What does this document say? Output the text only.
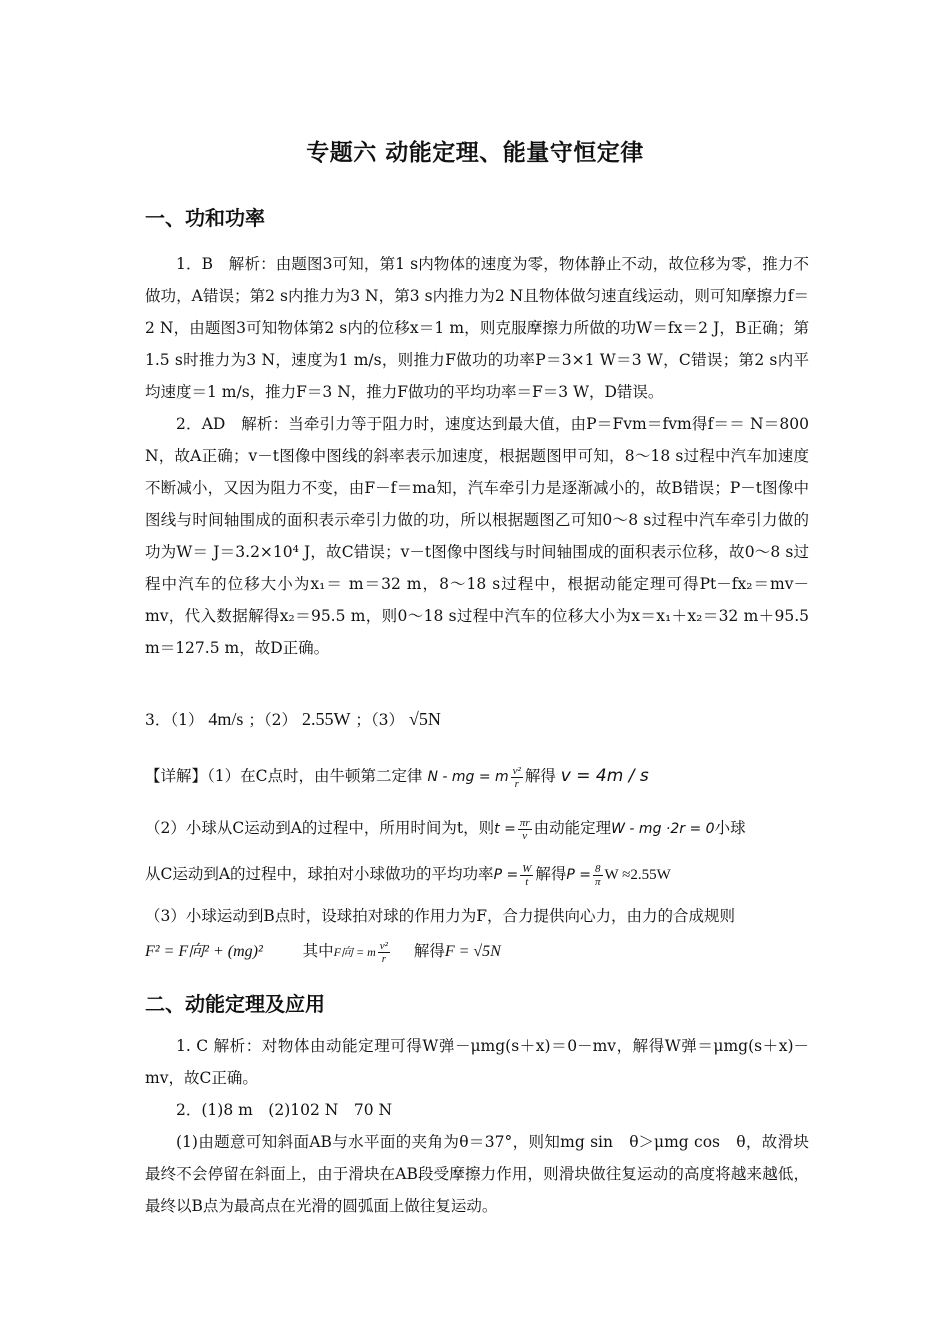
专题六 动能定理、能量守恒定律
一、功和功率

1．B　解析：由题图3可知，第1 s内物体的速度为零，物体静止不动，故位移为零，推力不做功，A错误；第2 s内推力为3 N，第3 s内推力为2 N且物体做匀速直线运动，则可知摩擦力f＝2 N，由题图3可知物体第2 s内的位移x＝1 m，则克服摩擦力所做的功W＝fx＝2 J，B正确；第1.5 s时推力为3 N，速度为1 m/s，则推力F做功的功率P＝3×1 W＝3 W，C错误；第2 s内平均速度＝1 m/s，推力F＝3 N，推力F做功的平均功率＝F＝3 W，D错误。

2．AD　解析：当牵引力等于阻力时，速度达到最大值，由P＝Fvm＝fvm得f＝＝ N＝800 N，故A正确；v－t图像中图线的斜率表示加速度，根据题图甲可知，8～18 s过程中汽车加速度不断减小，又因为阻力不变，由F－f＝ma知，汽车牵引力是逐渐减小的，故B错误；P－t图像中图线与时间轴围成的面积表示牵引力做的功，所以根据题图乙可知0～8 s过程中汽车牵引力做的功为W＝ J＝3.2×10⁴ J，故C错误；v－t图像中图线与时间轴围成的面积表示位移，故0～8 s过程中汽车的位移大小为x₁＝ m＝32 m，8～18 s过程中，根据动能定理可得Pt－fx₂＝mv－mv，代入数据解得x₂＝95.5 m，则0～18 s过程中汽车的位移大小为x＝x₁＋x₂＝32 m＋95.5 m＝127.5 m，故D正确。

3．（1） 4m/s ；（2） 2.55W ；（3） √5N
【详解】（1）在C点时，由牛顿第二定律 N - mg = m $\frac{\text{v²}}{r}$ 解得 v = 4m / s
（2）小球从C运动到A的过程中，所用时间为t，则$t = \frac{\pi r}{v}$ 由动能定理W - mg ·2r = 0小球
从C运动到A的过程中，球拍对小球做功的平均功率$P = \frac{W}{t}$ 解得$P = \frac{8}{\pi}$ W ≈2.55W
（3）小球运动到B点时，设球拍对球的作用力为F，合力提供向心力，由力的合成规则
F² = F向² + (mg)²	其中F向 = m $\frac{\text{v²}}{r}$ 解得F = √5N
二、动能定理及应用

1. C 解析：对物体由动能定理可得W弹－μmg(s＋x)＝0－mv，解得W弹＝μmg(s＋x)－mv，故C正确。

2．(1)8 m　(2)102 N　70 N

(1)由题意可知斜面AB与水平面的夹角为θ＝37°，则知mg sin　θ＞μmg cos　θ，故滑块最终不会停留在斜面上，由于滑块在AB段受摩擦力作用，则滑块做往复运动的高度将越来越低，最终以B点为最高点在光滑的圆弧面上做往复运动。
